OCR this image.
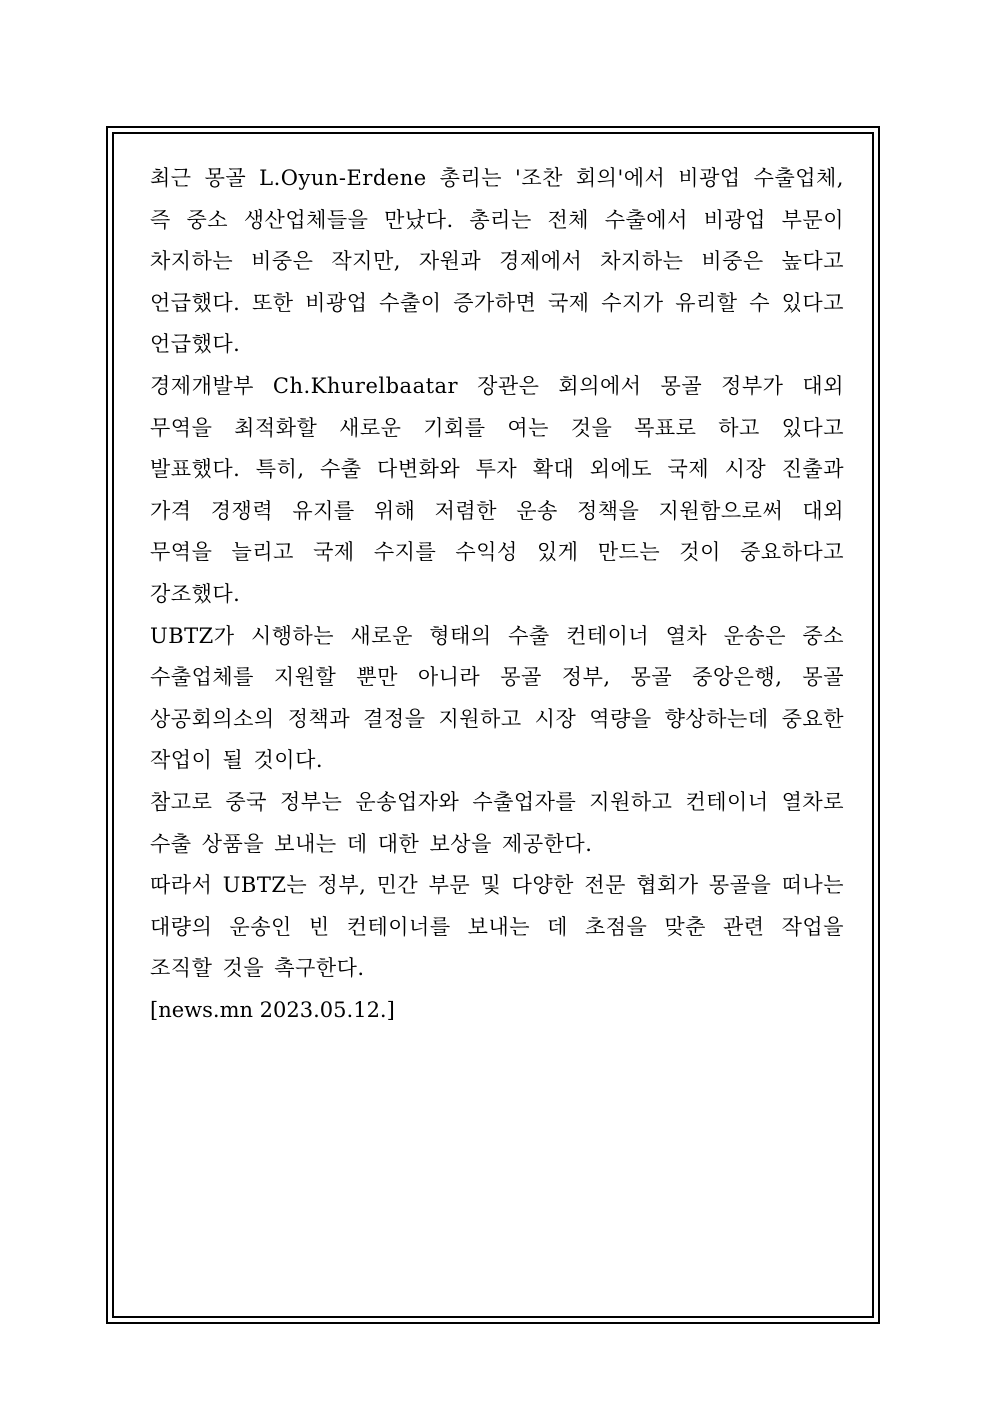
최근 몽골 L.Oyun-Erdene 총리는 '조찬 회의'에서 비광업 수출업체, 즉 중소 생산업체들을 만났다. 총리는 전체 수출에서 비광업 부문이 차지하는 비중은 작지만, 자원과 경제에서 차지하는 비중은 높다고 언급했다. 또한 비광업 수출이 증가하면 국제 수지가 유리할 수 있다고 언급했다.

경제개발부 Ch.Khurelbaatar 장관은 회의에서 몽골 정부가 대외 무역을 최적화할 새로운 기회를 여는 것을 목표로 하고 있다고 발표했다. 특히, 수출 다변화와 투자 확대 외에도 국제 시장 진출과 가격 경쟁력 유지를 위해 저렴한 운송 정책을 지원함으로써 대외 무역을 늘리고 국제 수지를 수익성 있게 만드는 것이 중요하다고 강조했다.

UBTZ가 시행하는 새로운 형태의 수출 컨테이너 열차 운송은 중소 수출업체를 지원할 뿐만 아니라 몽골 정부, 몽골 중앙은행, 몽골 상공회의소의 정책과 결정을 지원하고 시장 역량을 향상하는데 중요한 작업이 될 것이다.

참고로 중국 정부는 운송업자와 수출업자를 지원하고 컨테이너 열차로 수출 상품을 보내는 데 대한 보상을 제공한다.

따라서 UBTZ는 정부, 민간 부문 및 다양한 전문 협회가 몽골을 떠나는 대량의 운송인 빈 컨테이너를 보내는 데 초점을 맞춘 관련 작업을 조직할 것을 촉구한다.

[news.mn 2023.05.12.]
